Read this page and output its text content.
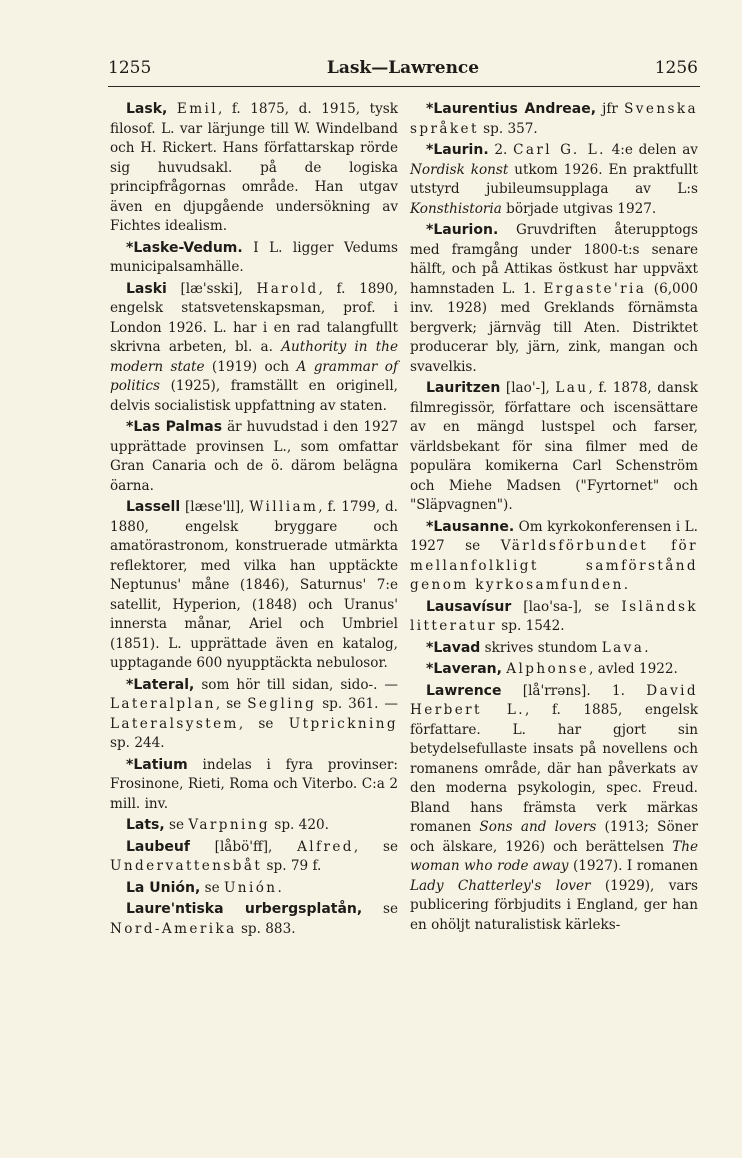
1255	Lask—Lawrence	1256

Lask, Emil, f. 1875, d. 1915, tysk filosof. L. var lärjunge till W. Windelband och H. Rickert. Hans författarskap rörde sig huvudsakl. på de logiska principfrågornas område. Han utgav även en djupgående undersökning av Fichtes idealism.

*Laske-Vedum. I L. ligger Vedums municipalsamhälle.

Laski [læ'sski], Harold, f. 1890, engelsk statsvetenskapsman, prof. i London 1926. L. har i en rad talangfullt skrivna arbeten, bl. a. Authority in the modern state (1919) och A grammar of politics (1925), framställt en originell, delvis socialistisk uppfattning av staten.

*Las Palmas är huvudstad i den 1927 upprättade provinsen L., som omfattar Gran Canaria och de ö. därom belägna öarna.

Lassell [læse'll], William, f. 1799, d. 1880, engelsk bryggare och amatörastronom, konstruerade utmärkta reflektorer, med vilka han upptäckte Neptunus' måne (1846), Saturnus' 7:e satellit, Hyperion, (1848) och Uranus' innersta månar, Ariel och Umbriel (1851). L. upprättade även en katalog, upptagande 600 nyupptäckta nebulosor.

*Lateral, som hör till sidan, sido-. — Lateralplan, se Segling sp. 361. — Lateralsystem, se Utprickning sp. 244.

*Latium indelas i fyra provinser: Frosinone, Rieti, Roma och Viterbo. C:a 2 mill. inv.

Lats, se Varpning sp. 420.

Laubeuf [låbö'ff], Alfred, se Undervattensbåt sp. 79 f.

La Unión, se Unión.

Laure'ntiska urbergsplatån, se Nord-Amerika sp. 883.

*Laurentius Andreae, jfr Svenska språket sp. 357.

*Laurin. 2. Carl G. L. 4:e delen av Nordisk konst utkom 1926. En praktfullt utstyrd jubileumsupplaga av L:s Konsthistoria började utgivas 1927.

*Laurion. Gruvdriften återupptogs med framgång under 1800-t:s senare hälft, och på Attikas östkust har uppväxt hamnstaden L. 1. Ergaste'ria (6,000 inv. 1928) med Greklands förnämsta bergverk; järnväg till Aten. Distriktet producerar bly, järn, zink, mangan och svavelkis.

Lauritzen [lao'-], Lau, f. 1878, dansk filmregissör, författare och iscensättare av en mängd lustspel och farser, världsbekant för sina filmer med de populära komikerna Carl Schenström och Miehe Madsen ("Fyrtornet" och "Släpvagnen").

*Lausanne. Om kyrkokonferensen i L. 1927 se Världsförbundet för mellanfolkligt samförstånd genom kyrkosamfunden.

Lausavísur [lao'sa-], se Isländsk litteratur sp. 1542.

*Lavad skrives stundom Lava.

*Laveran, Alphonse, avled 1922.

Lawrence [lå'rrəns]. 1. David Herbert L., f. 1885, engelsk författare. L. har gjort sin betydelsefullaste insats på novellens och romanens område, där han påverkats av den moderna psykologin, spec. Freud. Bland hans främsta verk märkas romanen Sons and lovers (1913; Söner och älskare, 1926) och berättelsen The woman who rode away (1927). I romanen Lady Chatterley's lover (1929), vars publicering förbjudits i England, ger han en ohöljt naturalistisk kärleks-
